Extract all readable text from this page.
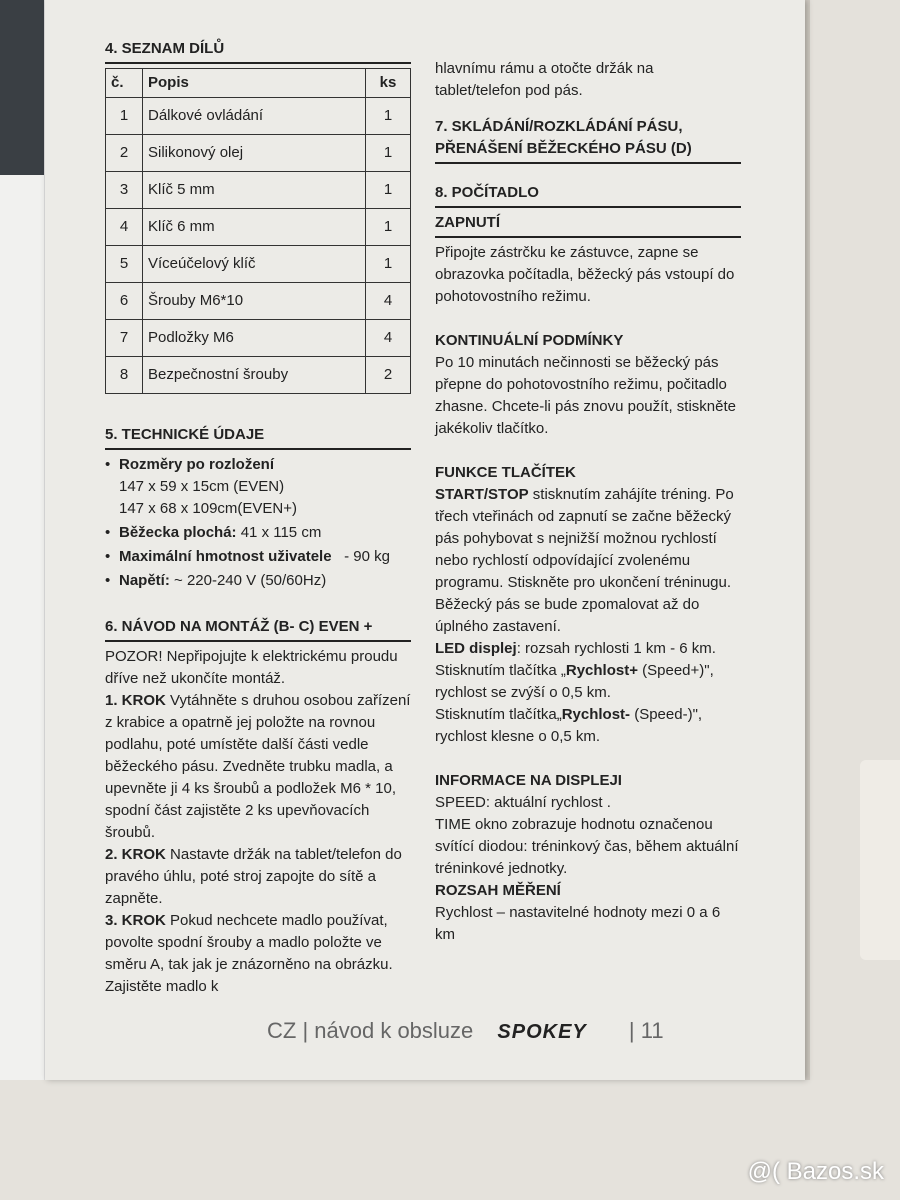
4. SEZNAM DÍLŮ
č.	Popis	ks
1	Dálkové ovládání	1
2	Silikonový olej	1
3	Klíč 5 mm	1
4	Klíč 6 mm	1
5	Víceúčelový klíč	1
6	Šrouby M6*10	4
7	Podložky M6	4
8	Bezpečnostní šrouby	2
5. TECHNICKÉ ÚDAJE
• Rozměry po rozložení
147 x 59 x 15cm (EVEN)
147 x 68 x 109cm(EVEN+)
• Běžecka plochá: 41 x 115 cm
• Maximální hmotnost uživatele - 90 kg
• Napětí: ~ 220-240 V (50/60Hz)
6. NÁVOD NA MONTÁŽ (B- C) EVEN +

POZOR! Nepřipojujte k elektrickému proudu dříve než ukončíte montáž.

1. KROK Vytáhněte s druhou osobou zařízení z krabice a opatrně jej položte na rovnou podlahu, poté umístěte další části vedle běžeckého pásu. Zvedněte trubku madla, a upevněte ji 4 ks šroubů a podložek M6 * 10, spodní část zajistěte 2 ks upevňovacích šroubů.

2. KROK Nastavte držák na tablet/telefon do pravého úhlu, poté stroj zapojte do sítě a zapněte.

3. KROK Pokud nechcete madlo používat, povolte spodní šrouby a madlo položte ve směru A, tak jak je znázorněno na obrázku. Zajistěte madlo k

hlavnímu rámu a otočte držák na tablet/telefon pod pás.

7. SKLÁDÁNÍ/ROZKLÁDÁNÍ PÁSU,
PŘENÁŠENÍ BĚŽECKÉHO PÁSU (D)
8. POČÍTADLO
ZAPNUTÍ

Připojte zástrčku ke zástuvce, zapne se obrazovka počítadla, běžecký pás vstoupí do pohotovostního režimu.

KONTINUÁLNÍ PODMÍNKY

Po 10 minutách nečinnosti se běžecký pás přepne do pohotovostního režimu, počitadlo zhasne. Chcete-li pás znovu použít, stiskněte jakékoliv tlačítko.

FUNKCE TLAČÍTEK

START/STOP stisknutím zahájíte tréning. Po třech vteřinách od zapnutí se začne běžecký pás pohybovat s nejnižší možnou rychlostí nebo rychlostí odpovídající zvolenému programu. Stiskněte pro ukončení tréninugu. Běžecký pás se bude zpomalovat až do úplného zastavení.

LED displej: rozsah rychlosti 1 km - 6 km.

Stisknutím tlačítka „Rychlost+ (Speed+)", rychlost se zvýší o 0,5 km.

Stisknutím tlačítka„Rychlost- (Speed-)", rychlost klesne o 0,5 km.

INFORMACE NA DISPLEJI

SPEED: aktuální rychlost .

TIME okno zobrazuje hodnotu označenou svítící diodou: tréninkový čas, během aktuální tréninkové jednotky.

ROZSAH MĚŘENÍ

Rychlost – nastavitelné hodnoty mezi 0 a 6 km

CZ | návod k obsluze SPOKEY | 11
@( Bazos.sk
